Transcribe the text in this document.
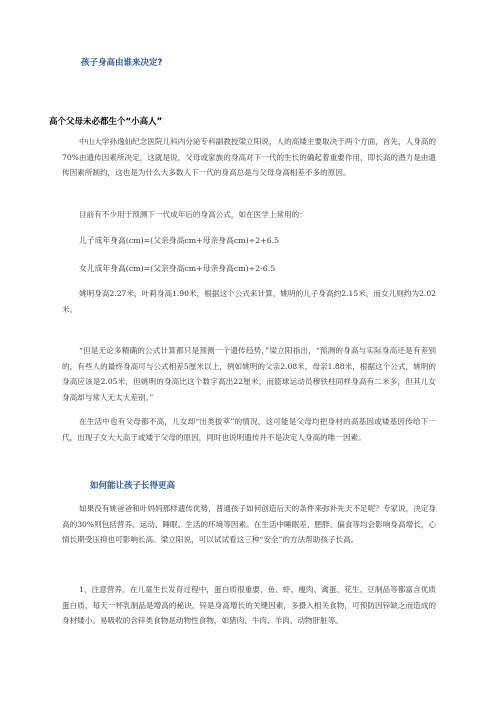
孩子身高由谁来决定?
高个父母未必都生个“小高人”

中山大学孙逸仙纪念医院儿科内分泌专科副教授梁立阳说，人的高矮主要取决于两个方面，首先，人身高的70%由遗传因素所决定，这就是说，父母或家族的身高对下一代的生长的确起着重要作用，即长高的潜力是由遗传因素所制约，这也是为什么大多数人下一代的身高总是与父母身高相差不多的原因。

目前有不少用于预测下一代成年后的身高公式，如在医学上常用的：

儿子成年身高(cm)=(父亲身高cm+母亲身高cm)÷2+6.5

女儿成年身高(cm)=(父亲身高cm+母亲身高cm)÷2-6.5

姚明身高2.27米，叶莉身高1.90米，根据这个公式来计算，姚明的儿子身高约2.15米，而女儿则约为2.02米。

“但是无论多精确的公式计算都只是预测一个遗传趋势，”梁立阳指出，“预测的身高与实际身高还是有差别的，有些人的最终身高可与公式相差5厘米以上，例如姚明的父亲2.08米，母亲1.88米，根据这个公式，姚明的身高应该是2.05米，但姚明的身高比这个数字高出22厘米，而篮球运动员穆铁柱同样身高有二米多，但其儿女身高却与常人无太大差别。”

在生活中也有父母都不高，儿女却“出类拔萃”的情况，这可能是父母均把身材的高基因或矮基因传给下一代，出现子女大大高于或矮于父母的原因，同时也说明遗传并不是决定人身高的唯一因素。

如何能让孩子长得更高

如果没有姚爸爸和叶妈妈那样遗传优势，普通孩子如何创造后天的条件来弥补先天不足呢？专家说，决定身高的30%则包括营养、运动、睡眠、生活的环境等因素。在生活中睡眠差、肥胖、偏食等均会影响身高增长，心情长期受压抑也可影响长高。梁立阳说，可以试试看这三种“安全”的方法帮助孩子长高。

1、注意营养。在儿童生长发育过程中，蛋白质很重要，鱼、虾、瘦肉、禽蛋、花生、豆制品等都富含优质蛋白质，每天一杯乳制品是增高的秘诀。锌是身高增长的关键因素，多摄入相关食物，可预防因锌缺乏而造成的身材矮小。易吸收的含锌类食物是动物性食物，如猪肉、牛肉、羊肉、动物肝脏等。
